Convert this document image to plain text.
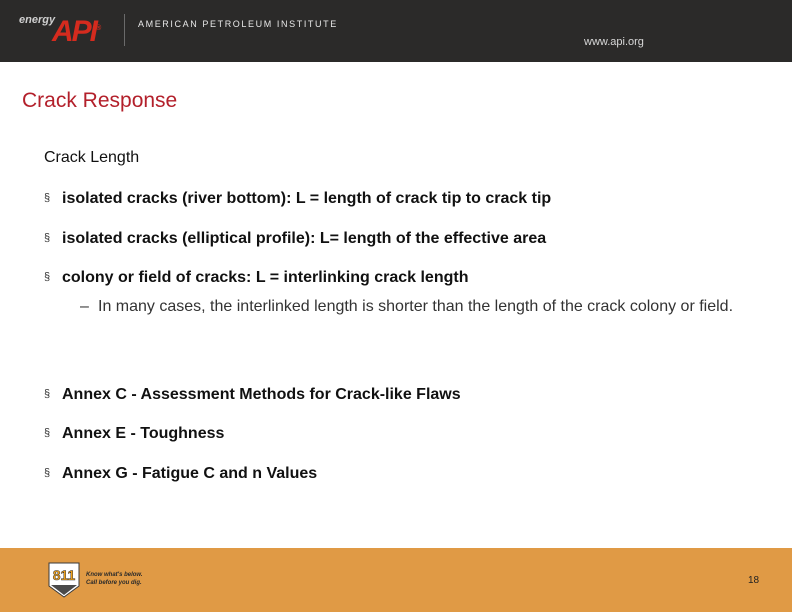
energy
API®	AMERICAN PETROLEUM INSTITUTE
www.api.org
Crack Response
Crack Length
§ isolated cracks (river bottom): L = length of crack tip to crack tip
§ isolated cracks (elliptical profile): L= length of the effective area
§ colony or field of cracks: L = interlinking crack length
– In many cases, the interlinked length is shorter than the length of the crack colony or field.
§ Annex C - Assessment Methods for Crack-like Flaws
§ Annex E - Toughness
§ Annex G - Fatigue C and n Values
811 Know what's below.
Call before you dig.	18
